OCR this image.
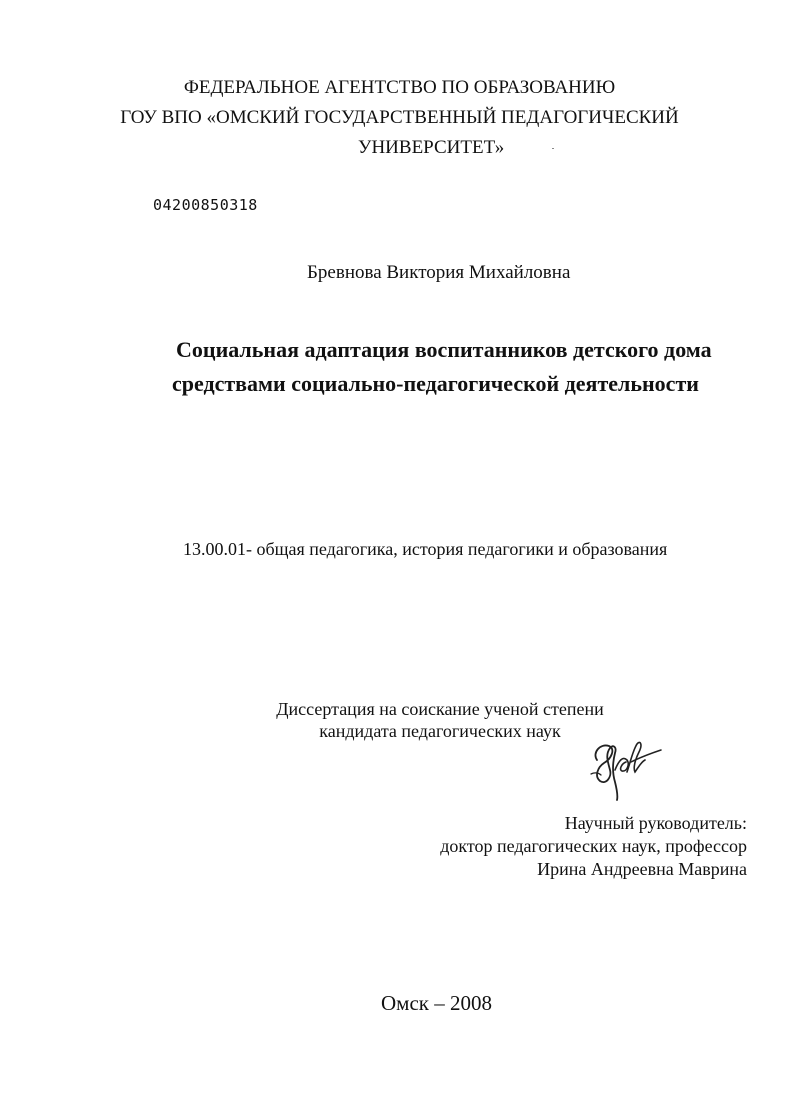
ФЕДЕРАЛЬНОЕ АГЕНТСТВО ПО ОБРАЗОВАНИЮ
ГОУ ВПО «ОМСКИЙ ГОСУДАРСТВЕННЫЙ ПЕДАГОГИЧЕСКИЙ
УНИВЕРСИТЕТ»
04200850318
Бревнова Виктория Михайловна
Социальная адаптация воспитанников детского дома
средствами социально-педагогической деятельности
13.00.01- общая педагогика, история педагогики и образования
Диссертация на соискание ученой степени
кандидата педагогических наук
Научный руководитель:
доктор педагогических наук, профессор
Ирина Андреевна Маврина
Омск – 2008
